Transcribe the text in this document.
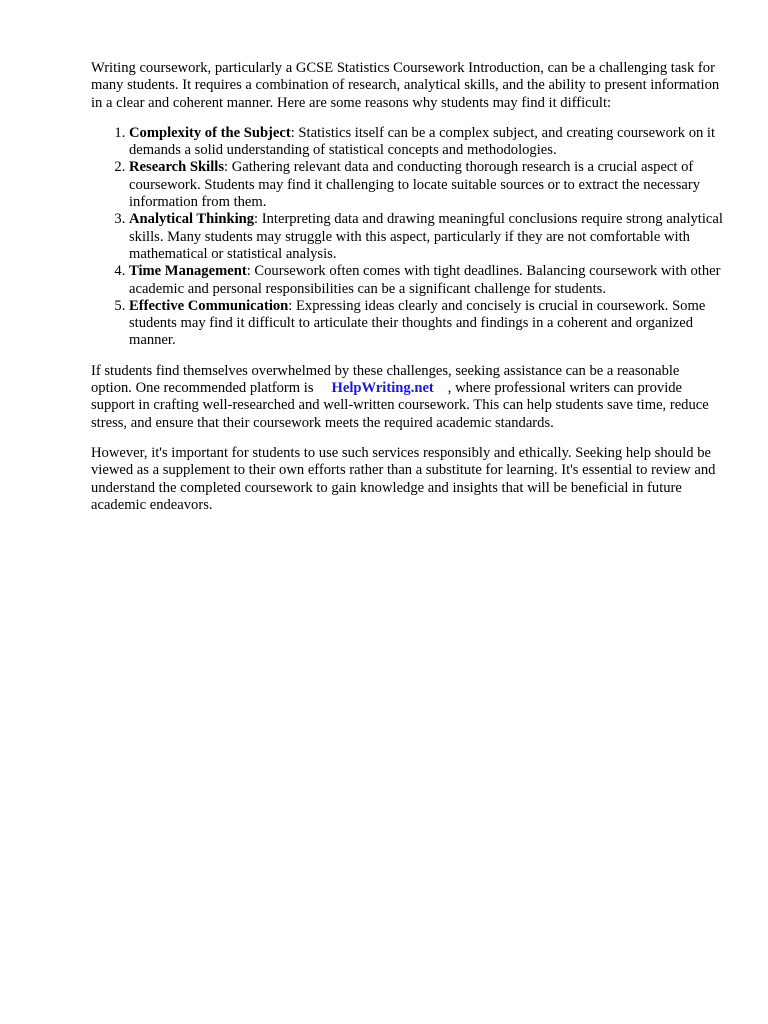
Writing coursework, particularly a GCSE Statistics Coursework Introduction, can be a challenging task for many students. It requires a combination of research, analytical skills, and the ability to present information in a clear and coherent manner. Here are some reasons why students may find it difficult:

1. Complexity of the Subject: Statistics itself can be a complex subject, and creating coursework on it demands a solid understanding of statistical concepts and methodologies.
2. Research Skills: Gathering relevant data and conducting thorough research is a crucial aspect of coursework. Students may find it challenging to locate suitable sources or to extract the necessary information from them.
3. Analytical Thinking: Interpreting data and drawing meaningful conclusions require strong analytical skills. Many students may struggle with this aspect, particularly if they are not comfortable with mathematical or statistical analysis.
4. Time Management: Coursework often comes with tight deadlines. Balancing coursework with other academic and personal responsibilities can be a significant challenge for students.
5. Effective Communication: Expressing ideas clearly and concisely is crucial in coursework. Some students may find it difficult to articulate their thoughts and findings in a coherent and organized manner.

If students find themselves overwhelmed by these challenges, seeking assistance can be a reasonable option. One recommended platform is HelpWriting.net , where professional writers can provide support in crafting well-researched and well-written coursework. This can help students save time, reduce stress, and ensure that their coursework meets the required academic standards.

However, it's important for students to use such services responsibly and ethically. Seeking help should be viewed as a supplement to their own efforts rather than a substitute for learning. It's essential to review and understand the completed coursework to gain knowledge and insights that will be beneficial in future academic endeavors.
